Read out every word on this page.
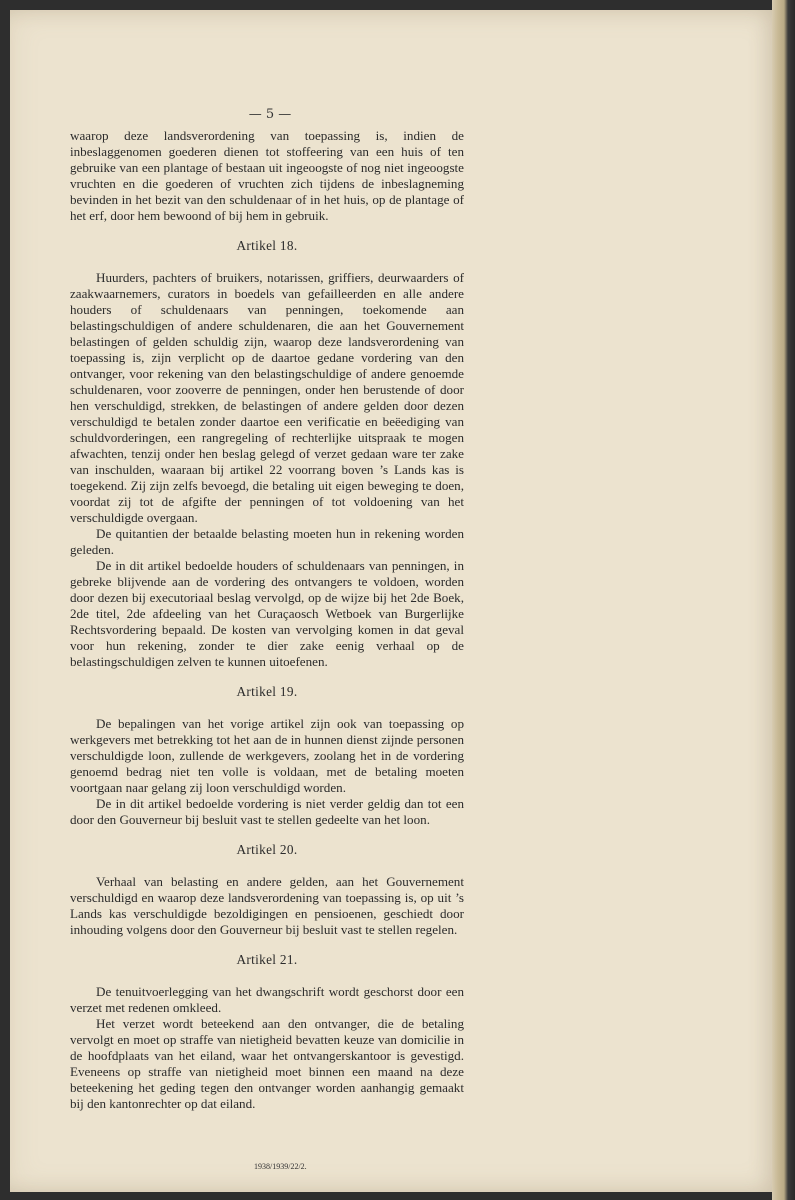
— 5 —

waarop deze landsverordening van toepassing is, indien de inbeslaggenomen goederen dienen tot stoffeering van een huis of ten gebruike van een plantage of bestaan uit ingeoogste of nog niet ingeoogste vruchten en die goederen of vruchten zich tijdens de inbeslagneming bevinden in het bezit van den schuldenaar of in het huis, op de plantage of het erf, door hem bewoond of bij hem in gebruik.

Artikel 18.

Huurders, pachters of bruikers, notarissen, griffiers, deurwaarders of zaakwaarnemers, curators in boedels van gefailleerden en alle andere houders of schuldenaars van penningen, toekomende aan belastingschuldigen of andere schuldenaren, die aan het Gouvernement belastingen of gelden schuldig zijn, waarop deze landsverordening van toepassing is, zijn verplicht op de daartoe gedane vordering van den ontvanger, voor rekening van den belastingschuldige of andere genoemde schuldenaren, voor zooverre de penningen, onder hen berustende of door hen verschuldigd, strekken, de belastingen of andere gelden door dezen verschuldigd te betalen zonder daartoe een verificatie en beëediging van schuldvorderingen, een rangregeling of rechterlijke uitspraak te mogen afwachten, tenzij onder hen beslag gelegd of verzet gedaan ware ter zake van inschulden, waaraan bij artikel 22 voorrang boven ’s Lands kas is toegekend. Zij zijn zelfs bevoegd, die betaling uit eigen beweging te doen, voordat zij tot de afgifte der penningen of tot voldoening van het verschuldigde overgaan.

De quitantien der betaalde belasting moeten hun in rekening worden geleden.

De in dit artikel bedoelde houders of schuldenaars van penningen, in gebreke blijvende aan de vordering des ontvangers te voldoen, worden door dezen bij executoriaal beslag vervolgd, op de wijze bij het 2de Boek, 2de titel, 2de afdeeling van het Curaçaosch Wetboek van Burgerlijke Rechtsvordering bepaald. De kosten van vervolging komen in dat geval voor hun rekening, zonder te dier zake eenig verhaal op de belastingschuldigen zelven te kunnen uitoefenen.

Artikel 19.

De bepalingen van het vorige artikel zijn ook van toepassing op werkgevers met betrekking tot het aan de in hunnen dienst zijnde personen verschuldigde loon, zullende de werkgevers, zoolang het in de vordering genoemd bedrag niet ten volle is voldaan, met de betaling moeten voortgaan naar gelang zij loon verschuldigd worden.

De in dit artikel bedoelde vordering is niet verder geldig dan tot een door den Gouverneur bij besluit vast te stellen gedeelte van het loon.

Artikel 20.

Verhaal van belasting en andere gelden, aan het Gouvernement verschuldigd en waarop deze landsverordening van toepassing is, op uit ’s Lands kas verschuldigde bezoldigingen en pensioenen, geschiedt door inhouding volgens door den Gouverneur bij besluit vast te stellen regelen.

Artikel 21.

De tenuitvoerlegging van het dwangschrift wordt geschorst door een verzet met redenen omkleed.

Het verzet wordt beteekend aan den ontvanger, die de betaling vervolgt en moet op straffe van nietigheid bevatten keuze van domicilie in de hoofdplaats van het eiland, waar het ontvangerskantoor is gevestigd. Eveneens op straffe van nietigheid moet binnen een maand na deze beteekening het geding tegen den ontvanger worden aanhangig gemaakt bij den kantonrechter op dat eiland.

1938/1939/22/2.
